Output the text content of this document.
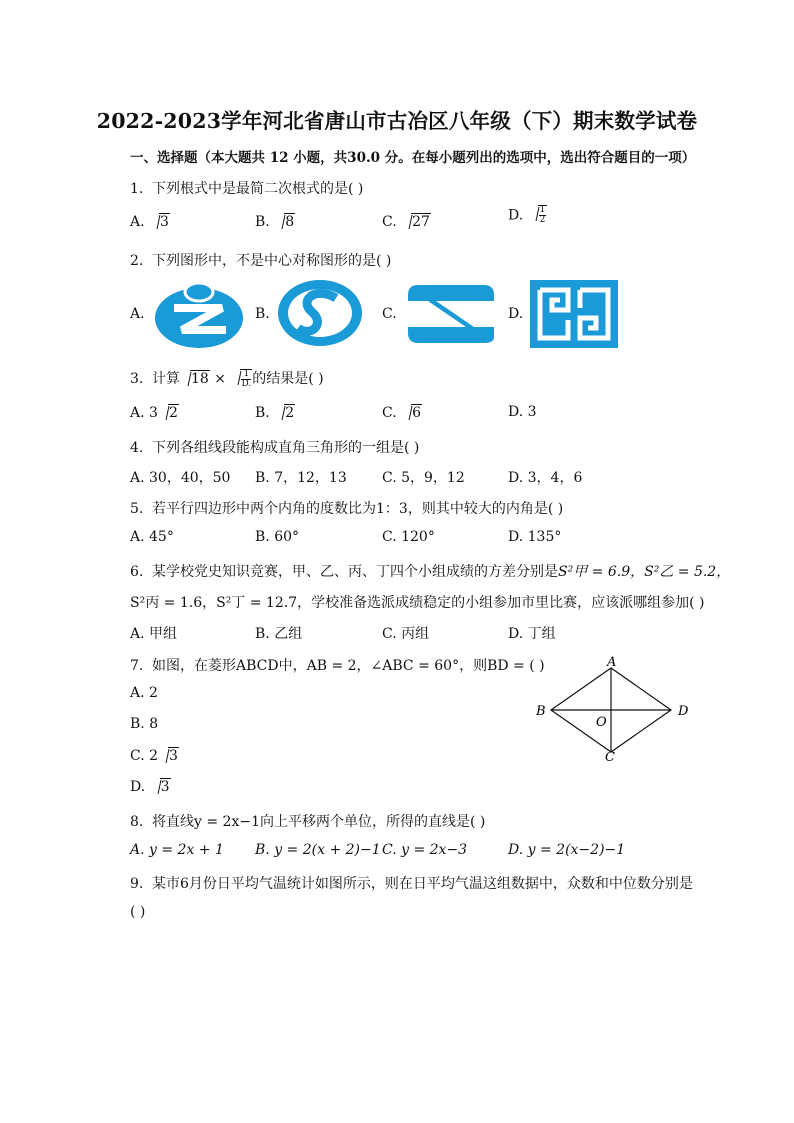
2022-2023学年河北省唐山市古冶区八年级（下）期末数学试卷
一、选择题（本大题共 12 小题，共30.0 分。在每小题列出的选项中，选出符合题目的一项）
1. 下列根式中是最简二次根式的是( )
A. 3	B. 8	C. 27	D. $\frac{1}{2}$
2. 下列图形中，不是中心对称图形的是( )
A.	B.	C.	D.
3. 计算 $18 \times \frac{1}{D.}$ 的结果是( )
A. 3 2	B. 2	C. 6	D. 3
4. 下列各组线段能构成直角三角形的一组是( )
A. 30，40，50 B. 7，12，13	C. 5，9，12	D. 3，4，6
5. 若平行四边形中两个内角的度数比为1：3，则其中较大的内角是( )
A. 45°	B. 60°	C. 120°	D. 135°
6. 某学校党史知识竞赛，甲、乙、丙、丁四个小组成绩的方差分别是S²甲 = 6.9，S²乙 = 5.2，
S²丙 = 1.6，S²丁 = 12.7，学校准备选派成绩稳定的小组参加市里比赛，应该派哪组参加( )
A. 甲组	B. 乙组	C. 丙组	D. 丁组
7. 如图，在菱形ABCD中，AB = 2，∠ABC = 60°，则BD = ( )
A. 2
B. 8
C. 2 3
D. 3
A
B
C
D
O
8. 将直线y = 2x−1向上平移两个单位，所得的直线是( )
A. y = 2x + 1 B. y = 2(x + 2)−1 C. y = 2x−3	D. y = 2(x−2)−1
9. 某市6月份日平均气温统计如图所示，则在日平均气温这组数据中，众数和中位数分别是
( )
